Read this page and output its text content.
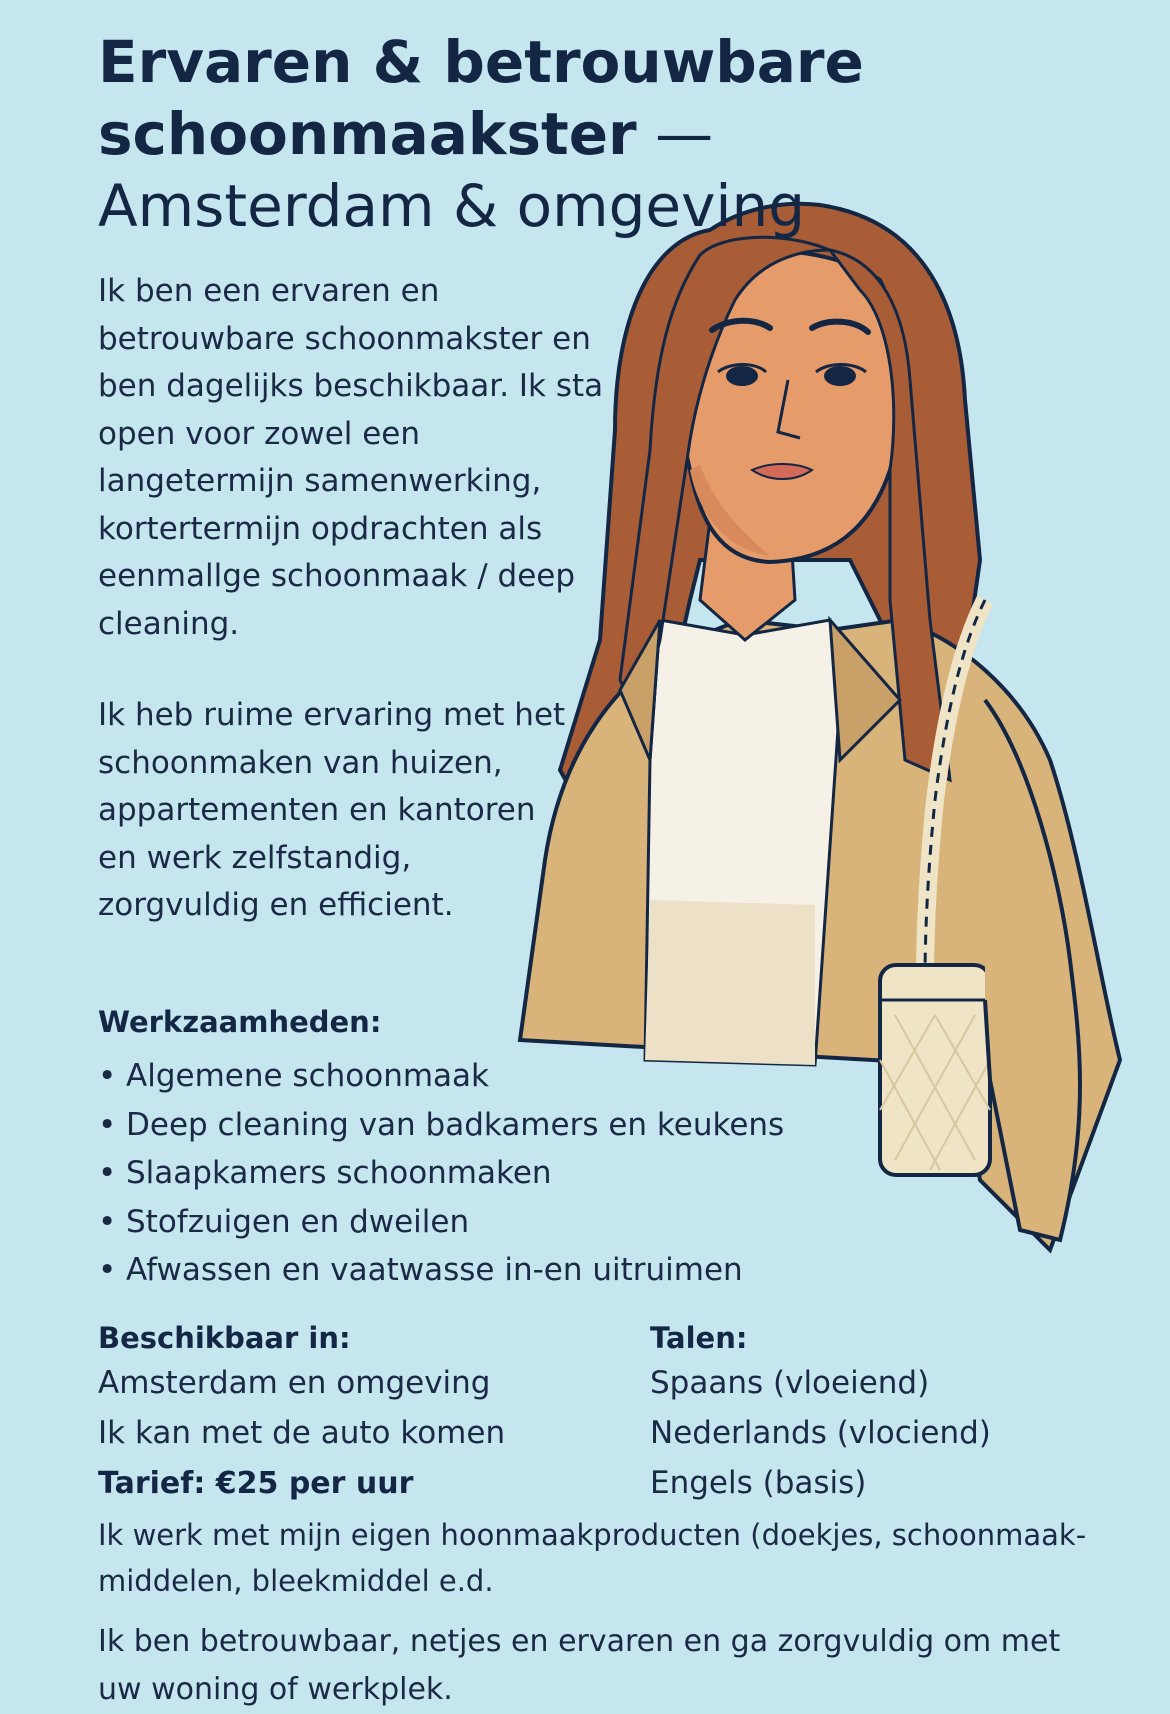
Ervaren & betrouwbare schoonmaakster — Amsterdam & omgeving

Ik ben een ervaren en betrouwbare schoonmakster en ben dagelijks beschikbaar. Ik sta open voor zowel een langetermijn samenwerking, kortertermijn opdrachten als eenmallge schoonmaak / deep cleaning.

Ik heb ruime ervaring met het schoonmaken van huizen, appartementen en kantoren en werk zelfstandig, zorgvuldig en efficient.

Werkzaamheden:
• Algemene schoonmaak
• Deep cleaning van badkamers en keukens
• Slaapkamers schoonmaken
• Stofzuigen en dweilen
• Afwassen en vaatwasse in-en uitruimen
Beschikbaar in:
Amsterdam en omgeving
Ik kan met de auto komen
Talen:
Spaans (vloeiend)
Nederlands (vlociend)
Engels (basis)
Tarief: €25 per uur

Ik werk met mijn eigen hoonmaakproducten (doekjes, schoonmaak-middelen, bleekmiddel e.d.

Ik ben betrouwbaar, netjes en ervaren en ga zorgvuldig om met uw woning of werkplek.
